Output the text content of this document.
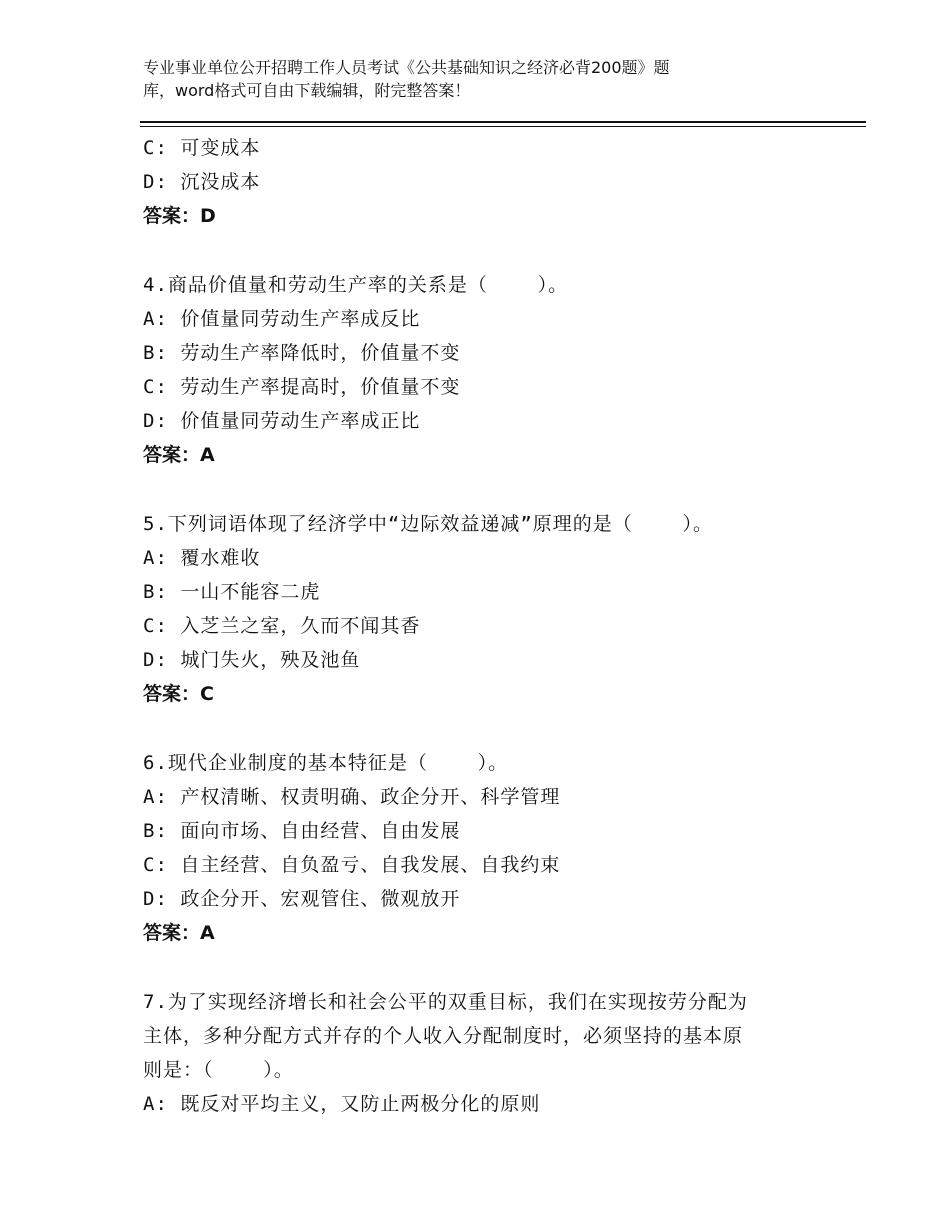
专业事业单位公开招聘工作人员考试《公共基础知识之经济必背200题》题
库，word格式可自由下载编辑，附完整答案！
C: 可变成本
D: 沉没成本
答案：D
4.商品价值量和劳动生产率的关系是（    ）。
A: 价值量同劳动生产率成反比
B: 劳动生产率降低时，价值量不变
C: 劳动生产率提高时，价值量不变
D: 价值量同劳动生产率成正比
答案：A
5.下列词语体现了经济学中“边际效益递减”原理的是（    ）。
A: 覆水难收
B: 一山不能容二虎
C: 入芝兰之室，久而不闻其香
D: 城门失火，殃及池鱼
答案：C
6.现代企业制度的基本特征是（    ）。
A: 产权清晰、权责明确、政企分开、科学管理
B: 面向市场、自由经营、自由发展
C: 自主经营、自负盈亏、自我发展、自我约束
D: 政企分开、宏观管住、微观放开
答案：A
7.为了实现经济增长和社会公平的双重目标，我们在实现按劳分配为
主体，多种分配方式并存的个人收入分配制度时，必须坚持的基本原
则是：（    ）。
A: 既反对平均主义，又防止两极分化的原则
